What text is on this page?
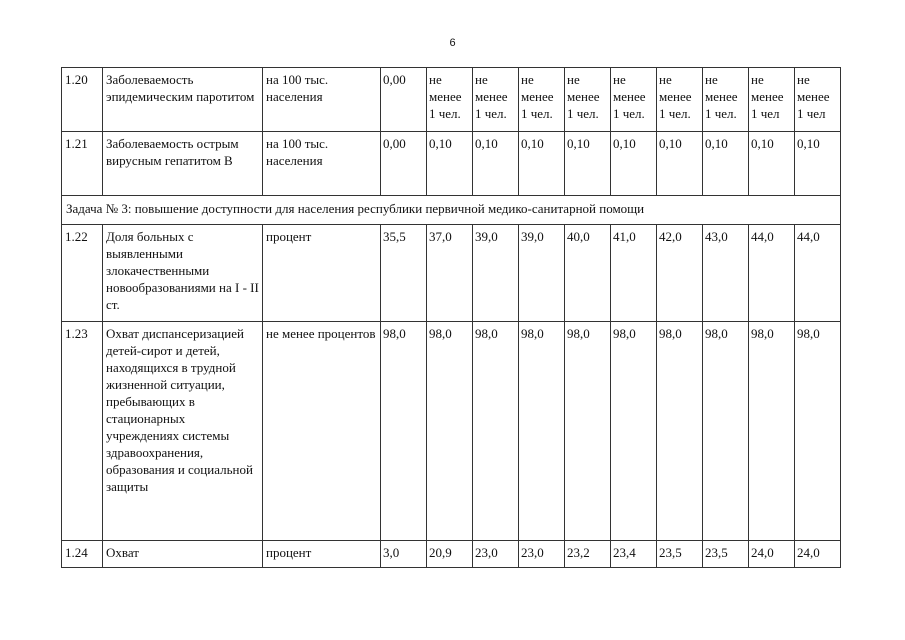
6
1.20	Заболеваемость эпидемическим паротитом	на 100 тыс. населения	0,00	не менее 1 чел.	не менее 1 чел.	не менее 1 чел.	не менее 1 чел.	не менее 1 чел.	не менее 1 чел.	не менее 1 чел.	не менее 1 чел	не менее 1 чел
1.21	Заболеваемость острым вирусным гепатитом В	на 100 тыс. населения	0,00	0,10	0,10	0,10	0,10	0,10	0,10	0,10	0,10	0,10
Задача № 3: повышение доступности для населения республики первичной медико-санитарной помощи												
1.22	Доля больных с выявленными злокачественными новообразованиями на I - II ст.	процент	35,5	37,0	39,0	39,0	40,0	41,0	42,0	43,0	44,0	44,0
1.23	Охват диспансеризацией детей-сирот и детей, находящихся в трудной жизненной ситуации, пребывающих в стационарных учреждениях системы здравоохранения, образования и социальной защиты	не менее процентов	98,0	98,0	98,0	98,0	98,0	98,0	98,0	98,0	98,0	98,0
1.24	Охват	процент	3,0	20,9	23,0	23,0	23,2	23,4	23,5	23,5	24,0	24,0
